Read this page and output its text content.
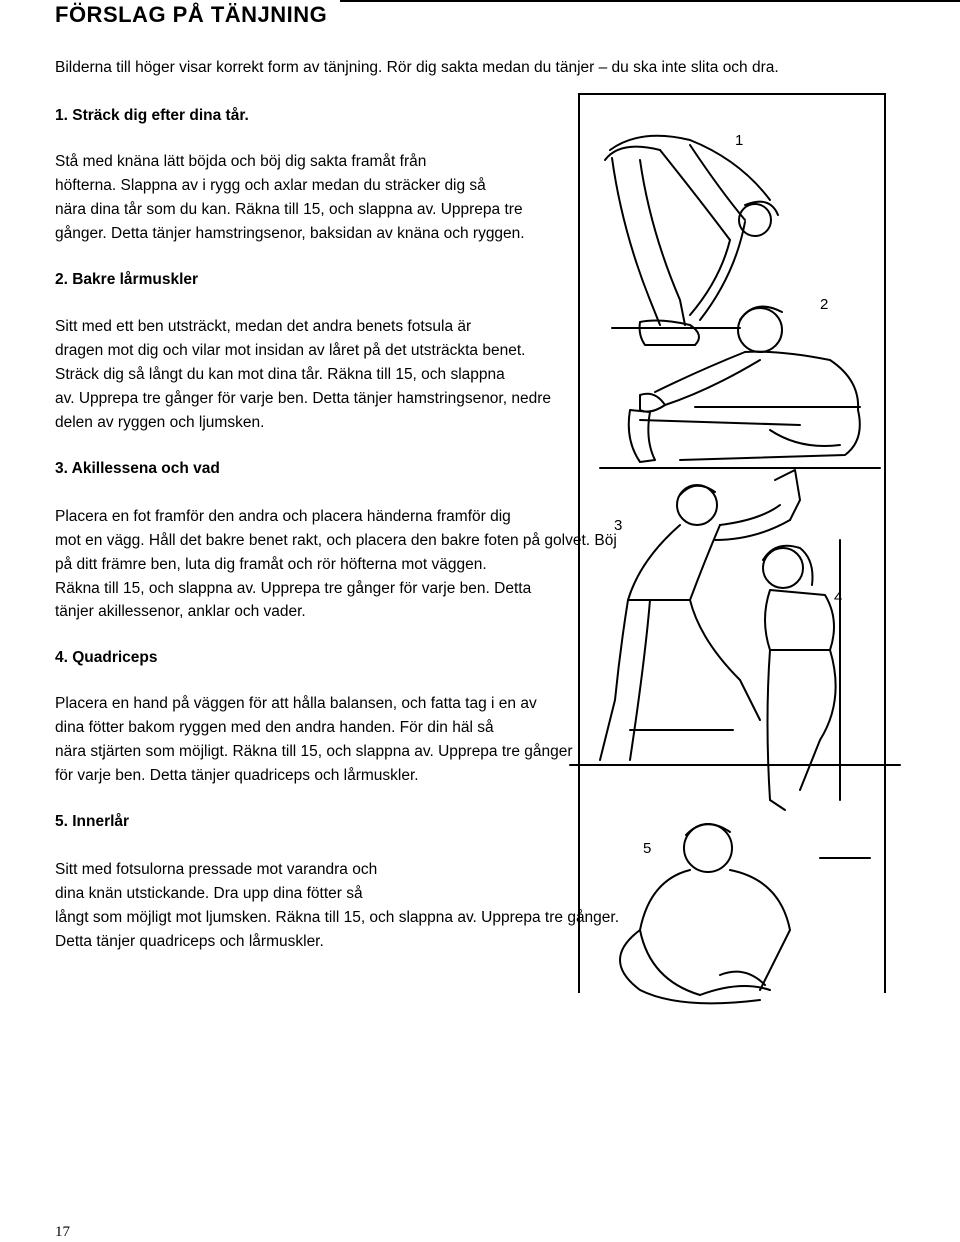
FÖRSLAG PÅ TÄNJNING
Bilderna till höger visar korrekt form av tänjning. Rör dig sakta medan du tänjer – du ska inte slita och dra.
1
2
3
4
5
1. Sträck dig efter dina tår.
Stå med knäna lätt böjda och böj dig sakta framåt från
höfterna. Slappna av i rygg och axlar medan du sträcker dig så
nära dina tår som du kan. Räkna till 15, och slappna av. Upprepa tre
gånger. Detta tänjer hamstringsenor, baksidan av knäna och ryggen.
2. Bakre lårmuskler
Sitt med ett ben utsträckt, medan det andra benets fotsula är
dragen mot dig och vilar mot insidan av låret på det utsträckta benet.
Sträck dig så långt du kan mot dina tår. Räkna till 15, och slappna
av. Upprepa tre gånger för varje ben. Detta tänjer hamstringsenor, nedre
delen av ryggen och ljumsken.
3. Akillessena och vad
Placera en fot framför den andra och placera händerna framför dig
mot en vägg. Håll det bakre benet rakt, och placera den bakre foten på golvet. Böj
på ditt främre ben, luta dig framåt och rör höfterna mot väggen.
Räkna till 15, och slappna av. Upprepa tre gånger för varje ben. Detta
tänjer akillessenor, anklar och vader.
4. Quadriceps
Placera en hand på väggen för att hålla balansen, och fatta tag i en av
dina fötter bakom ryggen med den andra handen. För din häl så
nära stjärten som möjligt. Räkna till 15, och slappna av. Upprepa tre gånger
för varje ben. Detta tänjer quadriceps och lårmuskler.
5. Innerlår
Sitt med fotsulorna pressade mot varandra och
dina knän utstickande. Dra upp dina fötter så
långt som möjligt mot ljumsken. Räkna till 15, och slappna av. Upprepa tre gånger.
Detta tänjer quadriceps och lårmuskler.
17
